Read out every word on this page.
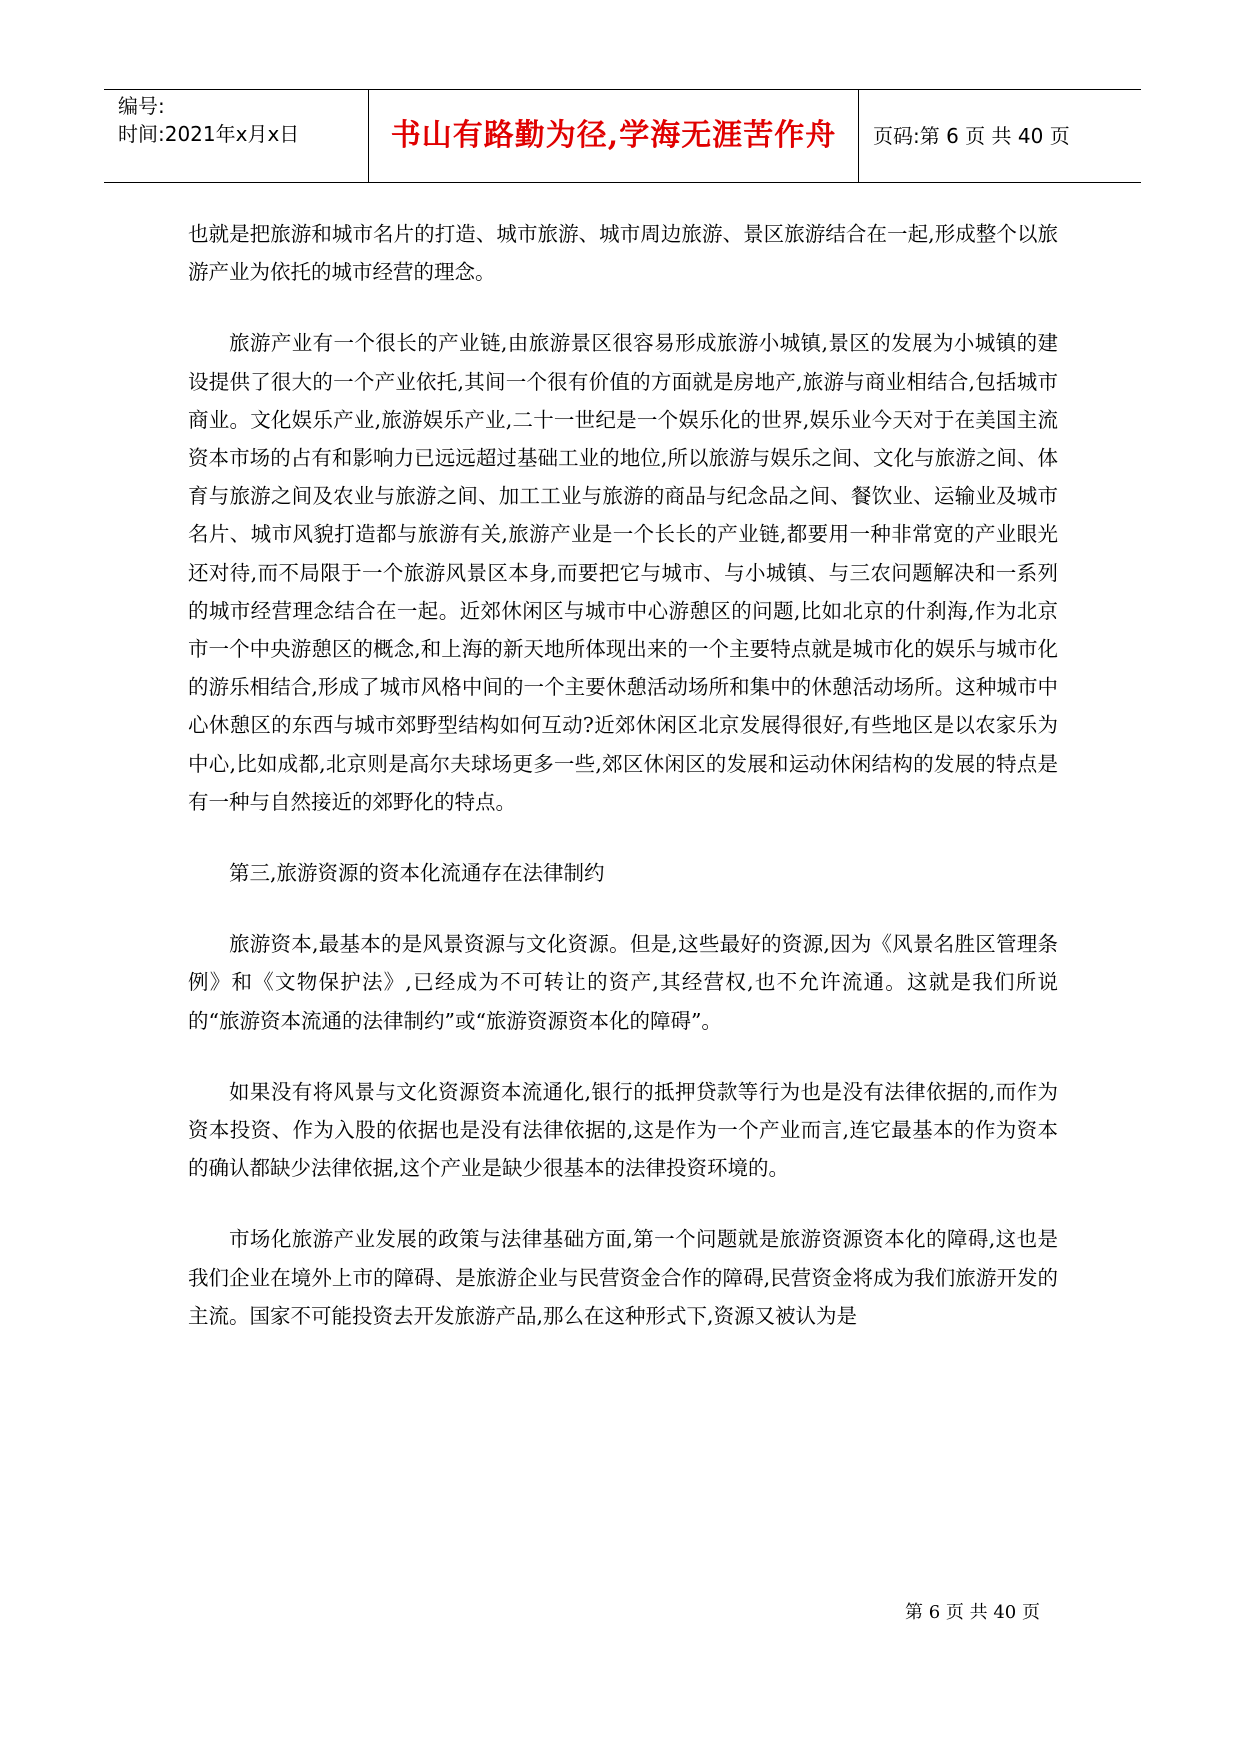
编号:
时间:2021年x月x日	书山有路勤为径,学海无涯苦作舟	页码:第 6 页 共 40 页

也就是把旅游和城市名片的打造、城市旅游、城市周边旅游、景区旅游结合在一起,形成整个以旅游产业为依托的城市经营的理念。

旅游产业有一个很长的产业链,由旅游景区很容易形成旅游小城镇,景区的发展为小城镇的建设提供了很大的一个产业依托,其间一个很有价值的方面就是房地产,旅游与商业相结合,包括城市商业。文化娱乐产业,旅游娱乐产业,二十一世纪是一个娱乐化的世界,娱乐业今天对于在美国主流资本市场的占有和影响力已远远超过基础工业的地位,所以旅游与娱乐之间、文化与旅游之间、体育与旅游之间及农业与旅游之间、加工工业与旅游的商品与纪念品之间、餐饮业、运输业及城市名片、城市风貌打造都与旅游有关,旅游产业是一个长长的产业链,都要用一种非常宽的产业眼光还对待,而不局限于一个旅游风景区本身,而要把它与城市、与小城镇、与三农问题解决和一系列的城市经营理念结合在一起。近郊休闲区与城市中心游憩区的问题,比如北京的什刹海,作为北京市一个中央游憩区的概念,和上海的新天地所体现出来的一个主要特点就是城市化的娱乐与城市化的游乐相结合,形成了城市风格中间的一个主要休憩活动场所和集中的休憩活动场所。这种城市中心休憩区的东西与城市郊野型结构如何互动?近郊休闲区北京发展得很好,有些地区是以农家乐为中心,比如成都,北京则是高尔夫球场更多一些,郊区休闲区的发展和运动休闲结构的发展的特点是有一种与自然接近的郊野化的特点。

第三,旅游资源的资本化流通存在法律制约

旅游资本,最基本的是风景资源与文化资源。但是,这些最好的资源,因为《风景名胜区管理条例》和《文物保护法》,已经成为不可转让的资产,其经营权,也不允许流通。这就是我们所说的“旅游资本流通的法律制约”或“旅游资源资本化的障碍”。

如果没有将风景与文化资源资本流通化,银行的抵押贷款等行为也是没有法律依据的,而作为资本投资、作为入股的依据也是没有法律依据的,这是作为一个产业而言,连它最基本的作为资本的确认都缺少法律依据,这个产业是缺少很基本的法律投资环境的。

市场化旅游产业发展的政策与法律基础方面,第一个问题就是旅游资源资本化的障碍,这也是我们企业在境外上市的障碍、是旅游企业与民营资金合作的障碍,民营资金将成为我们旅游开发的主流。国家不可能投资去开发旅游产品,那么在这种形式下,资源又被认为是

第 6 页 共 40 页
